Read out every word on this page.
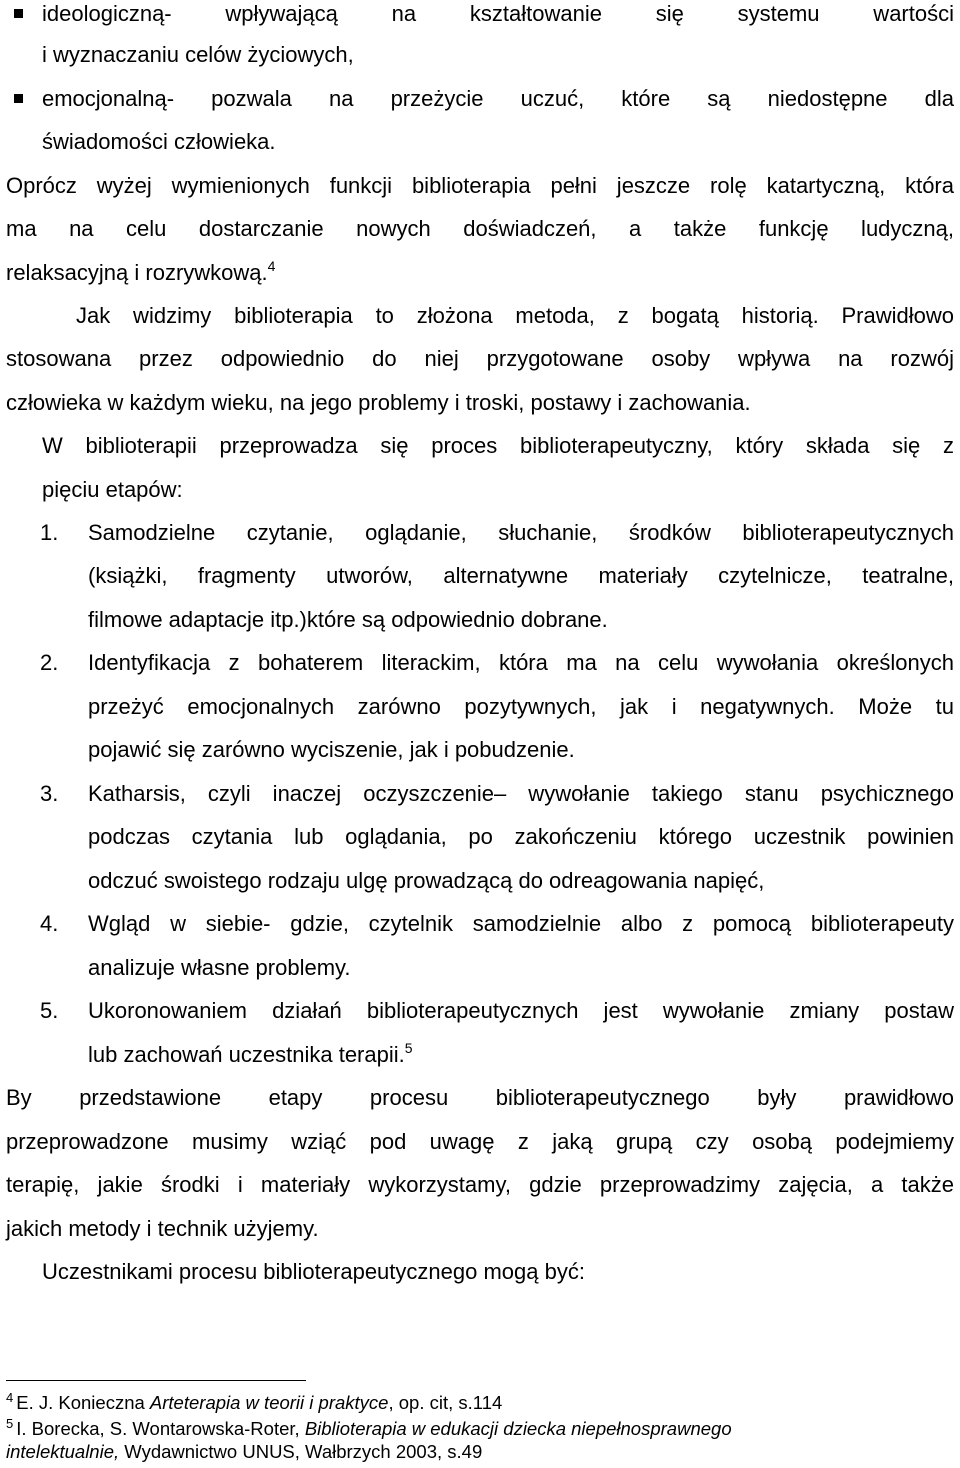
ideologiczną- wpływającą na kształtowanie się systemu wartości
i wyznaczaniu celów życiowych,
emocjonalną- pozwala na przeżycie uczuć, które są niedostępne dla
świadomości człowieka.
Oprócz wyżej wymienionych funkcji biblioterapia pełni jeszcze rolę katartyczną, która
ma na celu dostarczanie nowych doświadczeń, a także funkcję ludyczną,
relaksacyjną i rozrywkową.$^4$
Jak widzimy biblioterapia to złożona metoda, z bogatą historią. Prawidłowo
stosowana przez odpowiednio do niej przygotowane osoby wpływa na rozwój
człowieka w każdym wieku, na jego problemy i troski, postawy i zachowania.
W biblioterapii przeprowadza się proces biblioterapeutyczny, który składa się z
pięciu etapów:
1. Samodzielne czytanie, oglądanie, słuchanie, środków biblioterapeutycznych
(książki, fragmenty utworów, alternatywne materiały czytelnicze, teatralne,
filmowe adaptacje itp.)które są odpowiednio dobrane.
2. Identyfikacja z bohaterem literackim, która ma na celu wywołania określonych
przeżyć emocjonalnych zarówno pozytywnych, jak i negatywnych. Może tu
pojawić się zarówno wyciszenie, jak i pobudzenie.
3. Katharsis, czyli inaczej oczyszczenie– wywołanie takiego stanu psychicznego
podczas czytania lub oglądania, po zakończeniu którego uczestnik powinien
odczuć swoistego rodzaju ulgę prowadzącą do odreagowania napięć,
4. Wgląd w siebie- gdzie, czytelnik samodzielnie albo z pomocą biblioterapeuty
analizuje własne problemy.
5. Ukoronowaniem działań biblioterapeutycznych jest wywołanie zmiany postaw
lub zachowań uczestnika terapii.$^5$
By przedstawione etapy procesu biblioterapeutycznego były prawidłowo
przeprowadzone musimy wziąć pod uwagę z jaką grupą czy osobą podejmiemy
terapię, jakie środki i materiały wykorzystamy, gdzie przeprowadzimy zajęcia, a także
jakich metody i technik użyjemy.
Uczestnikami procesu biblioterapeutycznego mogą być:
$^4$ E. J. Konieczna Arteterapia w teorii i praktyce, op. cit, s.114
$^5$ I. Borecka, S. Wontarowska-Roter, Biblioterapia w edukacji dziecka niepełnosprawnego
intelektualnie, Wydawnictwo UNUS, Wałbrzych 2003, s.49
